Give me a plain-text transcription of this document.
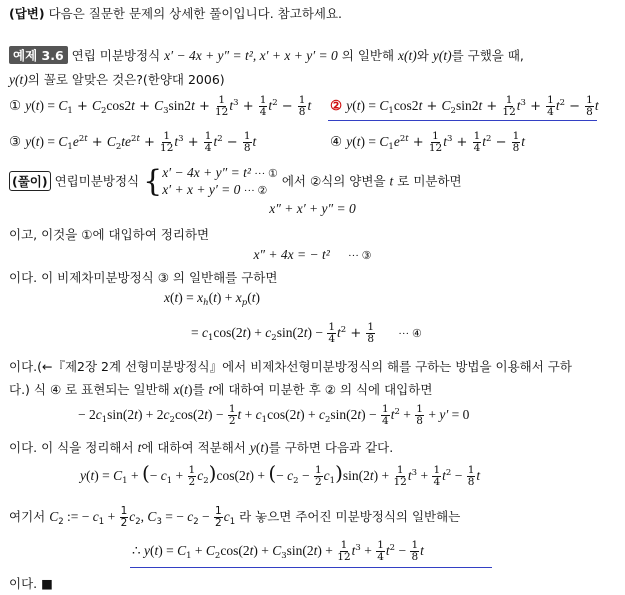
(답변) 다음은 질문한 문제의 상세한 풀이입니다. 참고하세요.
예제 3.6 연립 미분방정식 x′ − 4x + y″ = t², x′ + x + y′ = 0 의 일반해 x(t)와 y(t)를 구했을 때,
y(t)의 꼴로 알맞은 것은?(한양대 2006)
① $y(t) = C_1 + C_2\cos 2t + C_3\sin 2t + \frac{1}{12} t^3 + \frac{1}{4} t^2 - \frac{1}{8}$ t ② $y(t) = C_1\cos 2t + C_2\sin 2t + \frac{1}{12} t^3 + \frac{1}{4} t^2 - \frac{1}{8}$ t
③ $y(t) = C_1e^{2t} + C_2te^{2t} + \frac{1}{12} t^3 + \frac{1}{4} t^2 - \frac{1}{8}$ t	④ $y(t) = C_1e^{2t} + \frac{1}{12} t^3 + \frac{1}{4} t^2 - \frac{1}{8}$ t
(풀이) 연립미분방정식 { x′ − 4x + y″ = t² ··· ①
x′ + x + y′ = 0 ··· ②
에서 ②식의 양변을 t 로 미분하면
x″ + x′ + y″ = 0
이고, 이것을 ①에 대입하여 정리하면
x″ + 4x = − t² ··· ③
이다. 이 비제차미분방정식 ③ 의 일반해를 구하면
$x(t) = x_h(t) + x_p(t)$
= $c_1\cos(2t) + c_2\sin(2t) - \frac{1}{4} t^2 + \frac{1}{8}$ ··· ④
이다.(←『제2장 2계 선형미분방정식』에서 비제차선형미분방정식의 해를 구하는 방법을 이용해서 구하
다.) 식 ④ 로 표현되는 일반해 x(t)를 t에 대하여 미분한 후 ② 의 식에 대입하면
− $2c_1\sin(2t) + 2c_2\cos(2t) - \frac{1}{2}$ $t + c_1\cos(2t) + c_2\sin(2t) - \frac{1}{4} t^2 + \frac{1}{8} + y' = 0$
이다. 이 식을 정리해서 t에 대하여 적분해서 y(t)를 구하면 다음과 같다.
$y(t) = C_1$ + (− $c_1 + \frac{1}{2} c_2)\cos(2t)$ + (− $c_2 - \frac{1}{2} c_1)\sin(2t) + \frac{1}{12} t^3 + \frac{1}{4} t^2 - \frac{1}{8}$ t
여기서 $C_2$ := − $c_1 + \frac{1}{2} c_2$, $C_3$ = − $c_2 - \frac{1}{2} c_1$ 라 놓으면 주어진 미분방정식의 일반해는
∴ $y(t) = C_1 + C_2\cos(2t) + C_3\sin(2t) + \frac{1}{12} t^3 + \frac{1}{4} t^2 - \frac{1}{8}$ t
이다. ■
